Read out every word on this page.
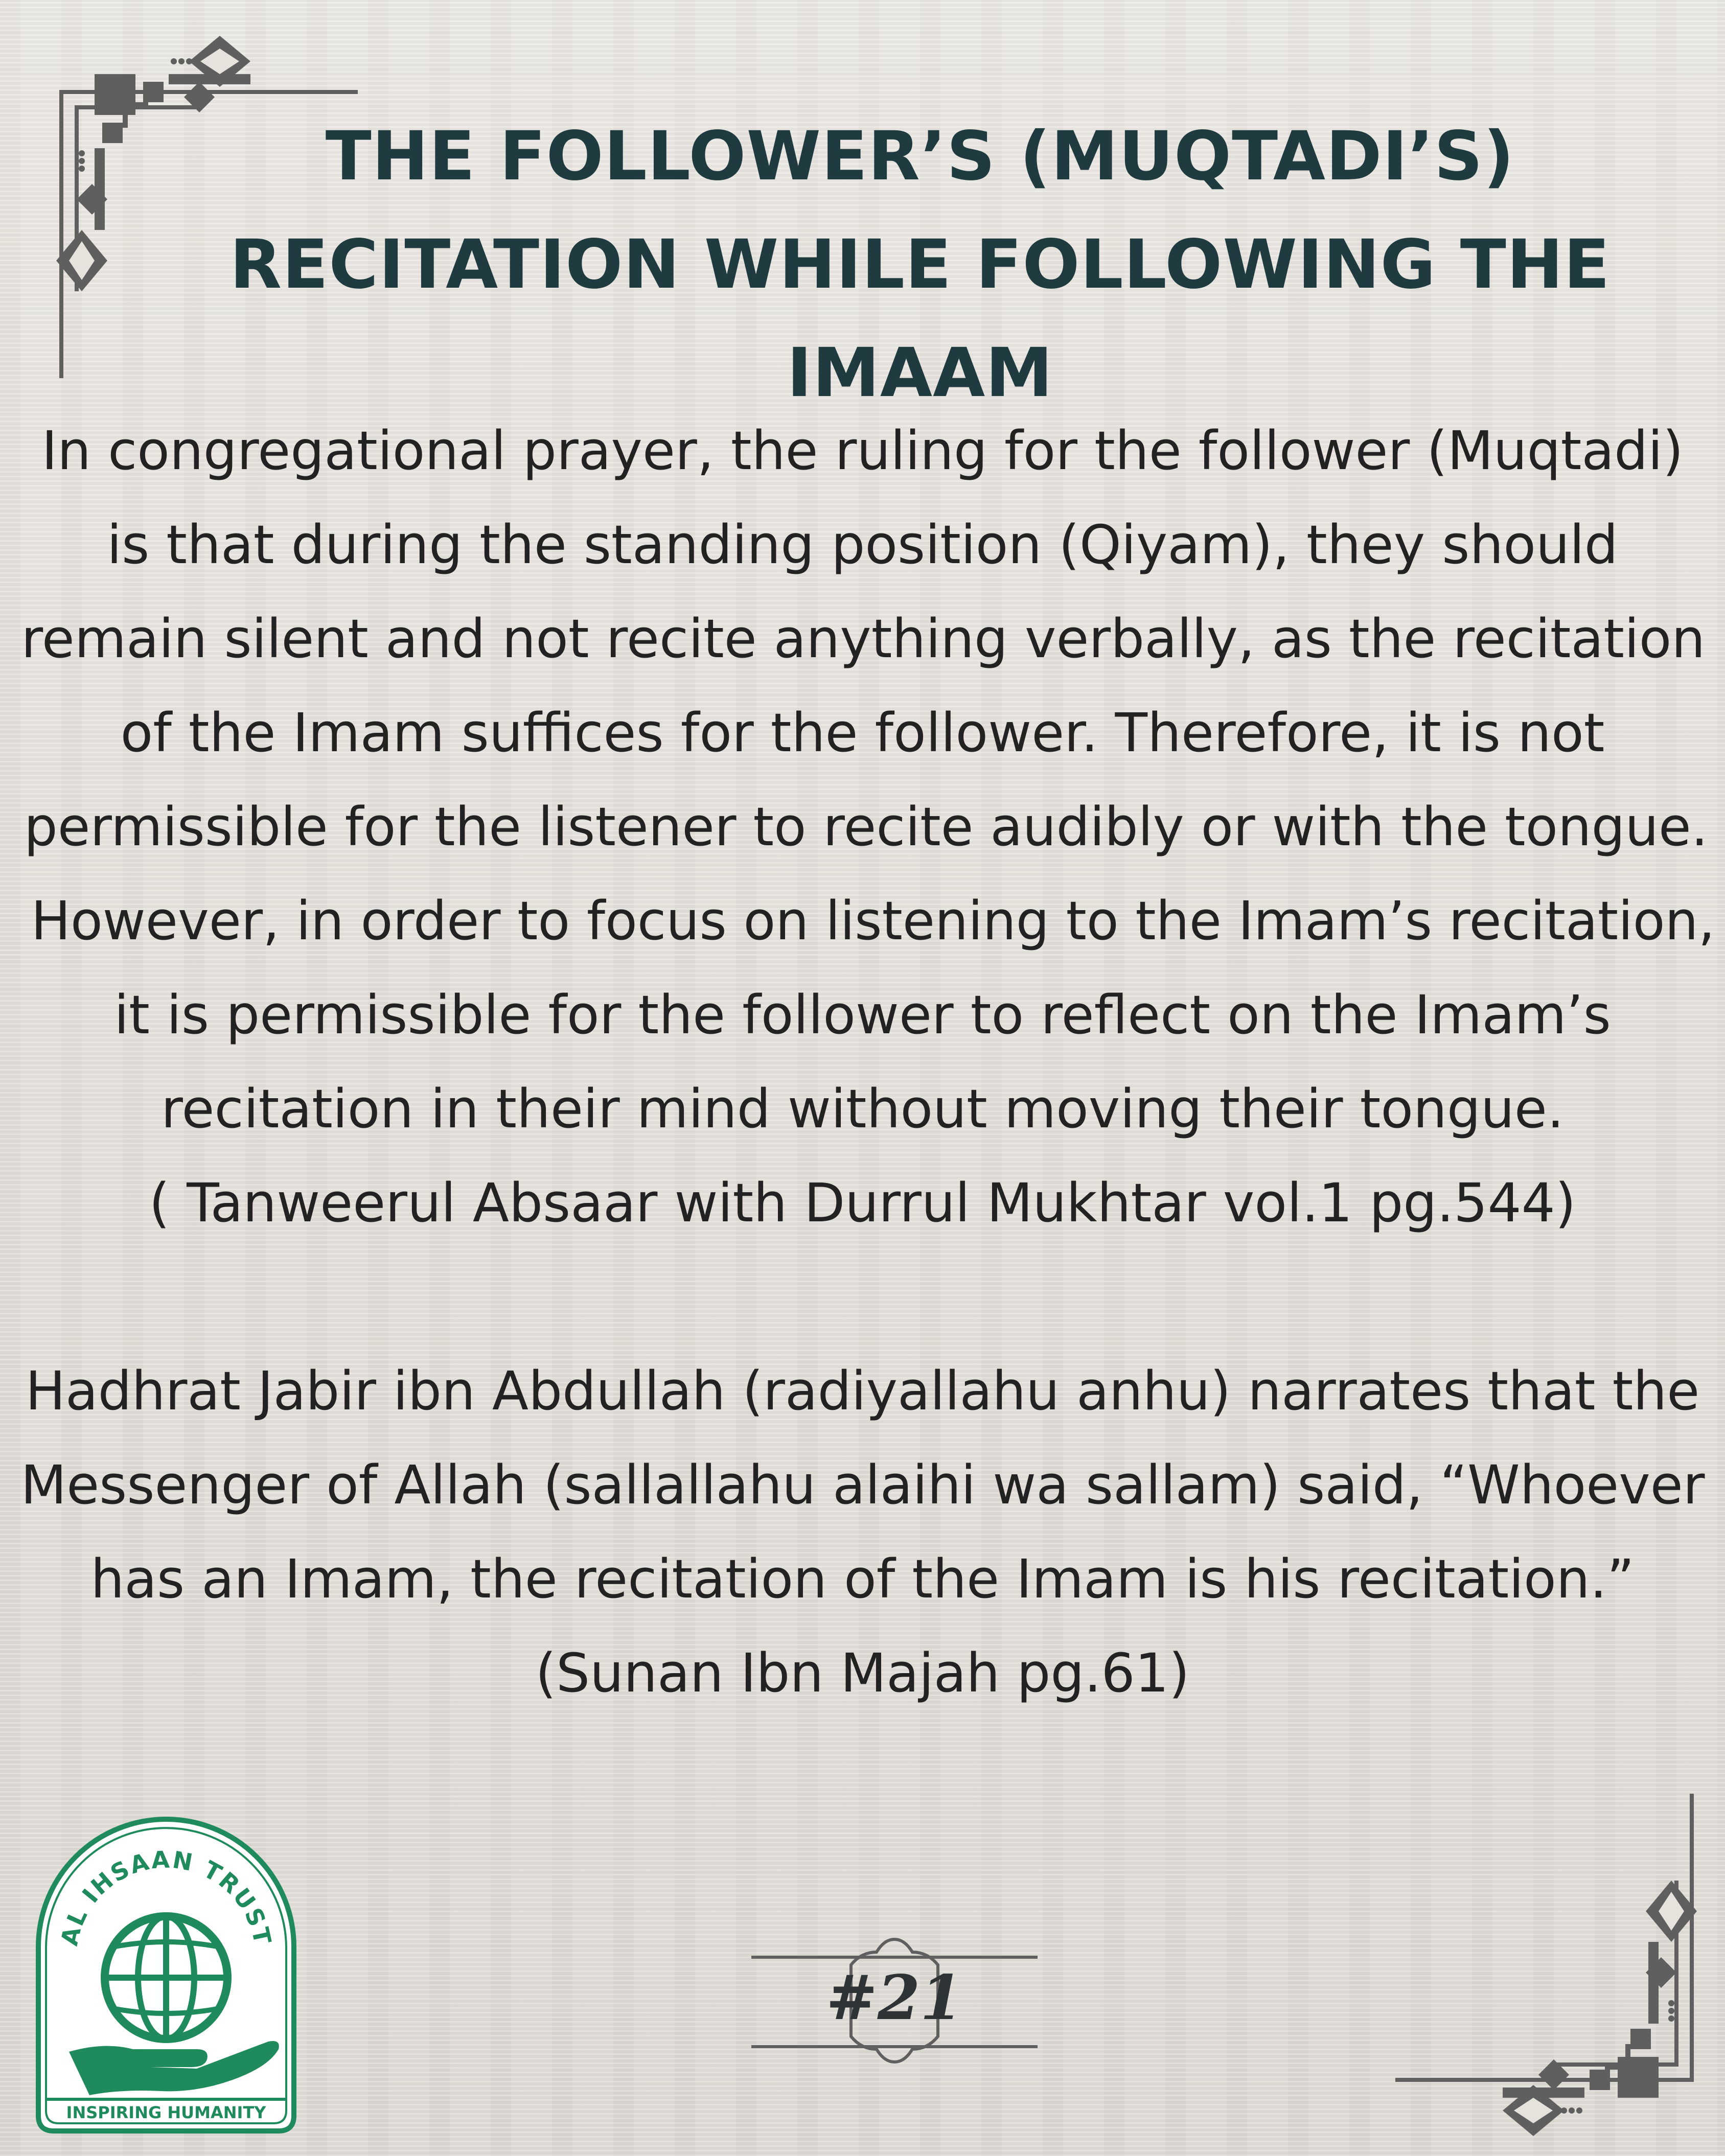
THE FOLLOWER’S (MUQTADI’S)
RECITATION WHILE FOLLOWING THE
IMAAM

In congregational prayer, the ruling for the follower (Muqtadi)
is that during the standing position (Qiyam), they should
remain silent and not recite anything verbally, as the recitation
of the Imam suffices for the follower. Therefore, it is not
permissible for the listener to recite audibly or with the tongue.
However, in order to focus on listening to the Imam’s recitation,
it is permissible for the follower to reflect on the Imam’s
recitation in their mind without moving their tongue.
( Tanweerul Absaar with Durrul Mukhtar vol.1 pg.544)

Hadhrat Jabir ibn Abdullah (radiyallahu anhu) narrates that the
Messenger of Allah (sallallahu alaihi wa sallam) said, “Whoever
has an Imam, the recitation of the Imam is his recitation.”
(Sunan Ibn Majah pg.61)

AL IHSAAN TRUST
INSPIRING HUMANITY
#21
